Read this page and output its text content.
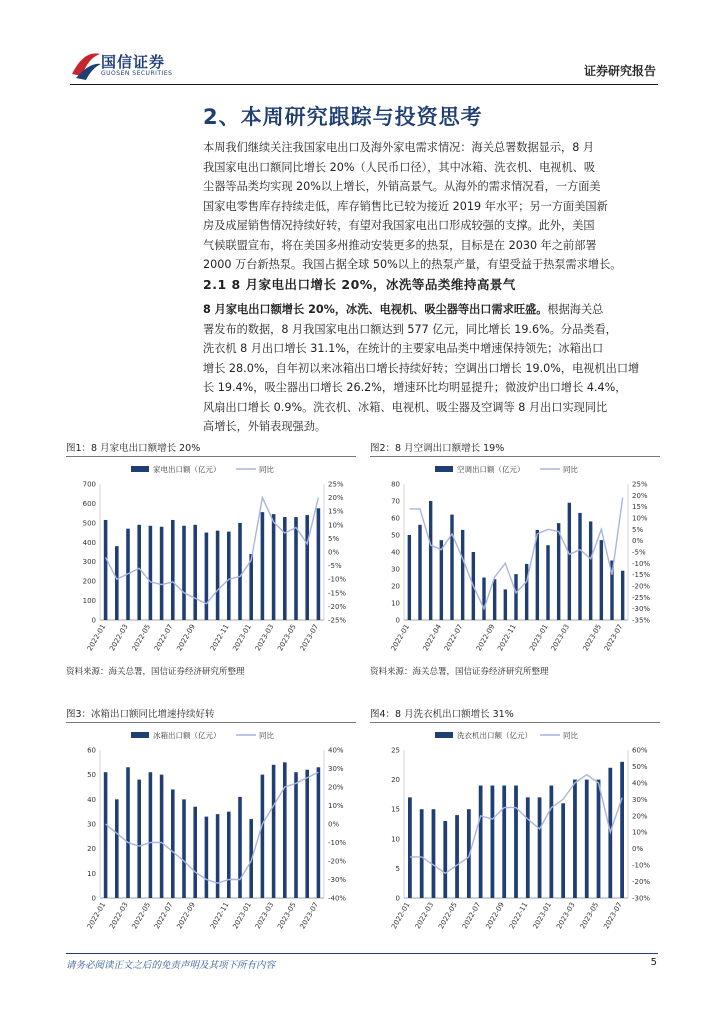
国信证券
GUOSEN SECURITIES	证券研究报告
2、本周研究跟踪与投资思考
本周我们继续关注我国家电出口及海外家电需求情况：海关总署数据显示，8 月
我国家电出口额同比增长 20%（人民币口径），其中冰箱、洗衣机、电视机、吸
尘器等品类均实现 20%以上增长，外销高景气。从海外的需求情况看，一方面美
国家电零售库存持续走低，库存销售比已较为接近 2019 年水平；另一方面美国新
房及成屋销售情况持续好转，有望对我国家电出口形成较强的支撑。此外，美国
气候联盟宣布，将在美国多州推动安装更多的热泵，目标是在 2030 年之前部署
2000 万台新热泵。我国占据全球 50%以上的热泵产量，有望受益于热泵需求增长。
2.1 8 月家电出口增长 20%，冰洗等品类维持高景气
8 月家电出口额增长 20%，冰洗、电视机、吸尘器等出口需求旺盛。根据海关总
署发布的数据，8 月我国家电出口额达到 577 亿元，同比增长 19.6%。分品类看，
洗衣机 8 月出口增长 31.1%，在统计的主要家电品类中增速保持领先；冰箱出口
增长 28.0%，自年初以来冰箱出口增长持续好转；空调出口增长 19.0%，电视机出口增
长 19.4%，吸尘器出口增长 26.2%，增速环比均明显提升；微波炉出口增长 4.4%，
风扇出口增长 0.9%。洗衣机、冰箱、电视机、吸尘器及空调等 8 月出口实现同比
高增长，外销表现强劲。
图1：8 月家电出口额增长 20%
家电出口额（亿元）	同比
0
100
200
300
400
500
600
700
-25%
-20%
-15%
-10%
-5%
0%
5%
10%
15%
20%
25%
2022-01 2022-03 2022-05 2022-07 2022-09 2022-11 2023-01 2023-03 2023-05 2023-07
资料来源：海关总署，国信证券经济研究所整理
图2：8 月空调出口额增长 19%
空调出口额（亿元）	同比
0
10
20
30
40
50
60
70
80
-35%
-30%
-25%
-20%
-15%
-10%
-5%
0%
5%
10%
15%
20%
25%
2022-01 2022-04 2022-07 2022-09 2022-11 2023-01 2023-03 2023-05 2023-07
资料来源：海关总署，国信证券经济研究所整理
图3：冰箱出口额同比增速持续好转
冰箱出口额（亿元）	同比
0
10
20
30
40
50
60
-40%
-30%
-20%
-10%
0%
10%
20%
30%
40%
2022-01 2022-03 2022-05 2022-07 2022-09 2022-11 2023-01 2023-03 2023-05 2023-07
图4：8 月洗衣机出口额增长 31%
洗衣机出口额（亿元）	同比
0
5
10
15
20
25
-30%
-20%
-10%
0%
10%
20%
30%
40%
50%
60%
2022-01 2022-03 2022-05 2022-07 2022-09 2022-11 2023-01 2023-03 2023-05 2023-07
请务必阅读正文之后的免责声明及其项下所有内容	5
